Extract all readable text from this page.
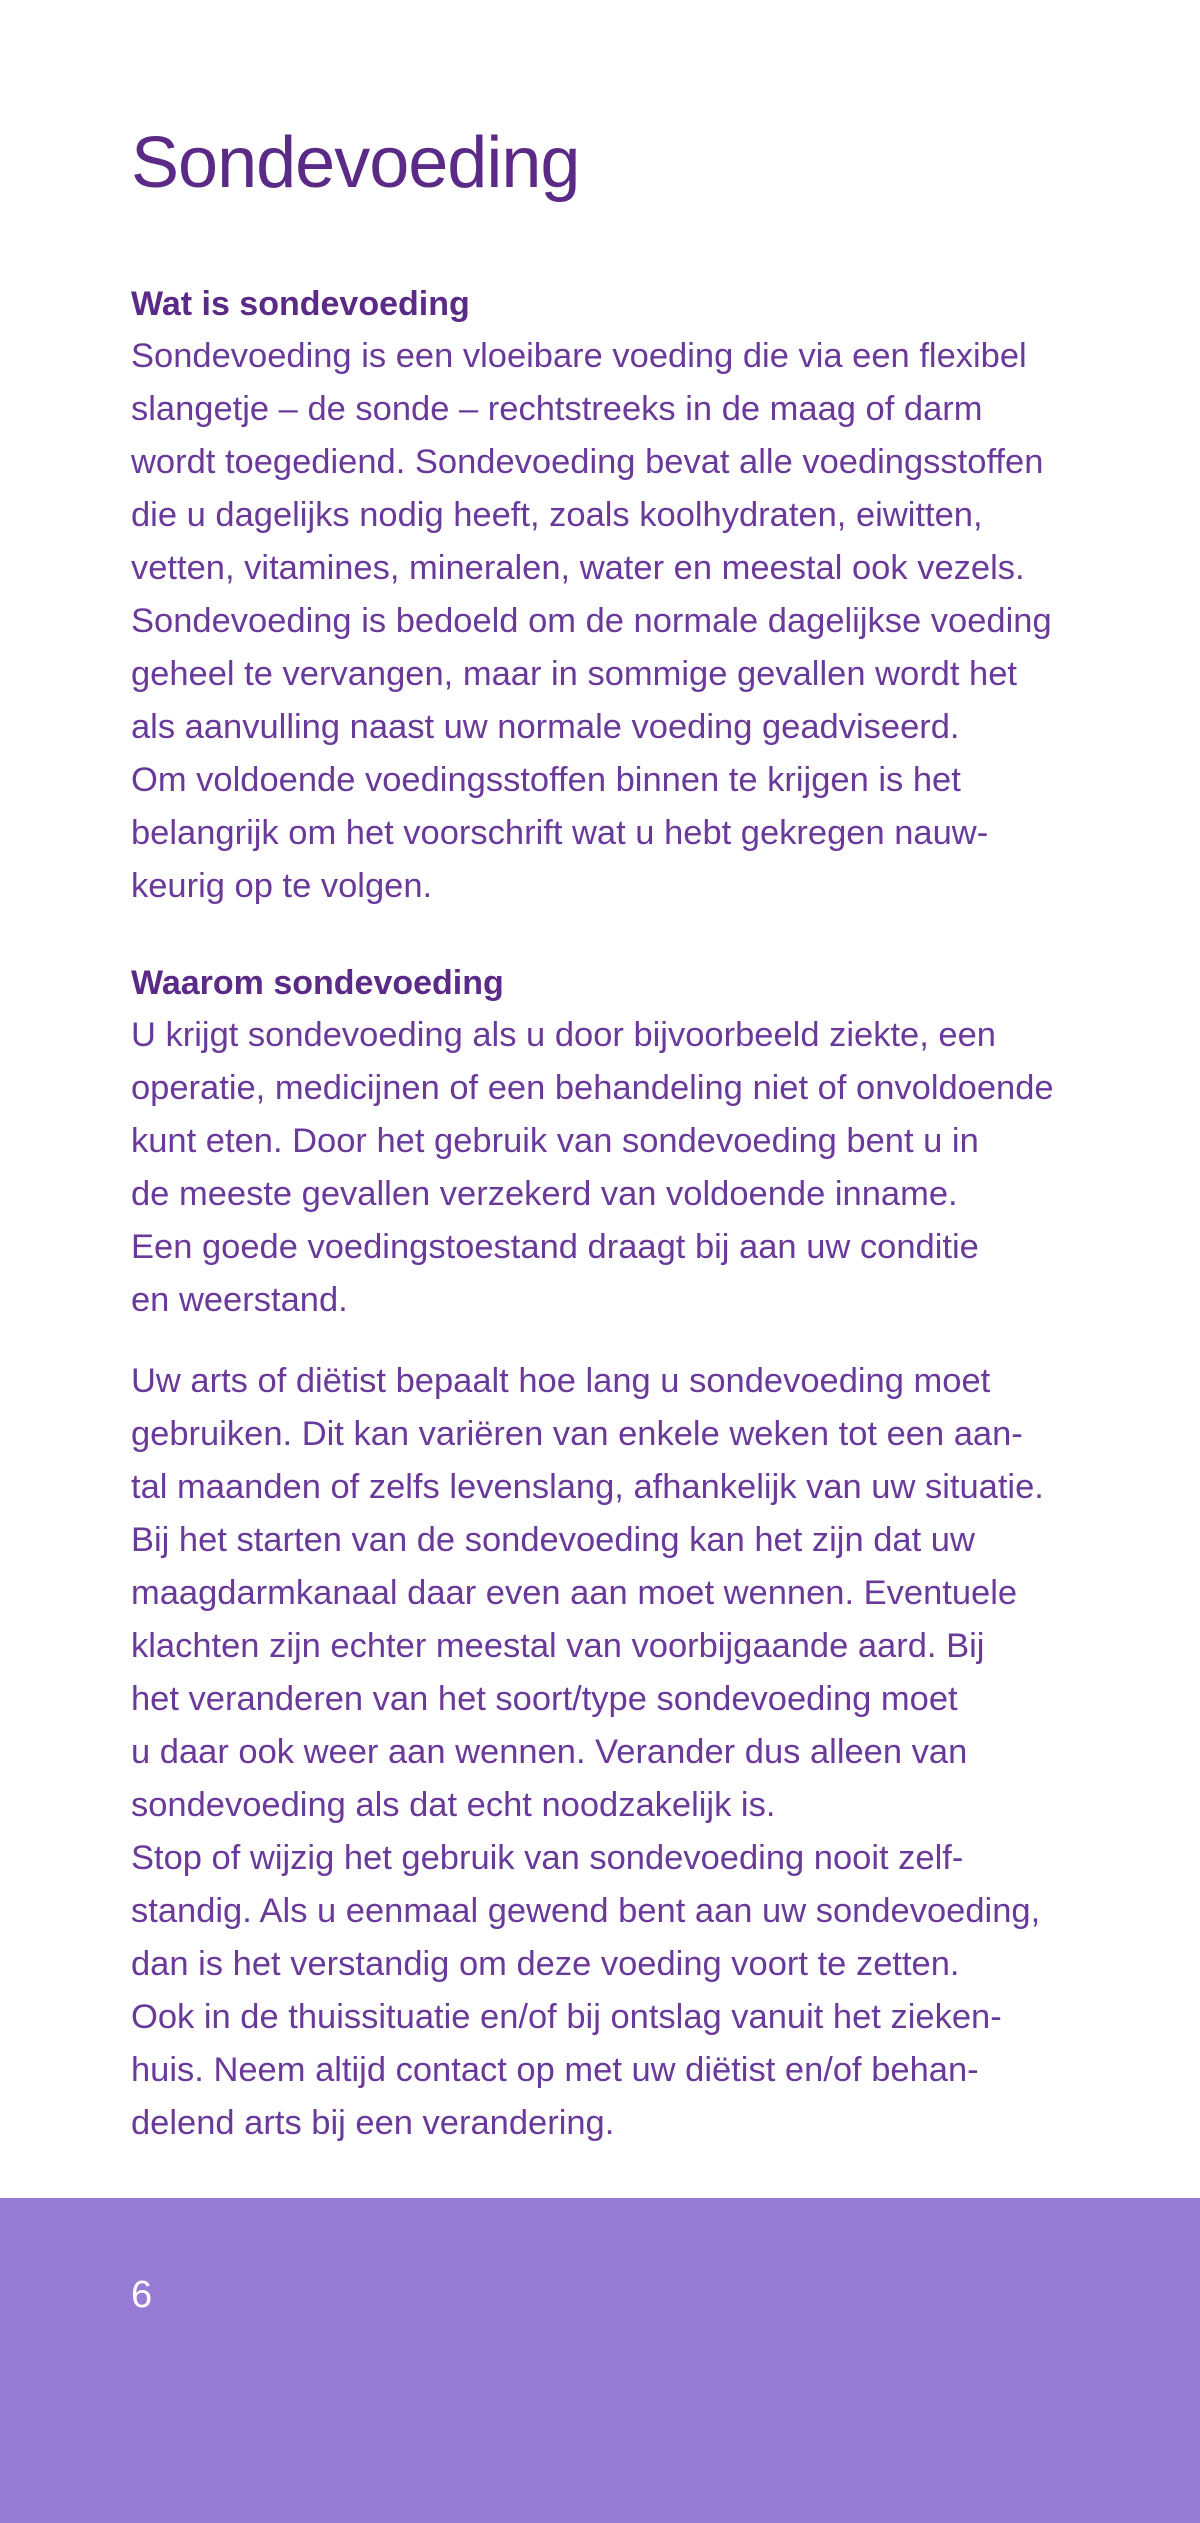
Sondevoeding
Wat is sondevoeding

Sondevoeding is een vloeibare voeding die via een flexibel
slangetje – de sonde – rechtstreeks in de maag of darm
wordt toegediend. Sondevoeding bevat alle voedingsstoffen
die u dagelijks nodig heeft, zoals koolhydraten, eiwitten,
vetten, vitamines, mineralen, water en meestal ook vezels.
Sondevoeding is bedoeld om de normale dagelijkse voeding
geheel te vervangen, maar in sommige gevallen wordt het
als aanvulling naast uw normale voeding geadviseerd.
Om voldoende voedingsstoffen binnen te krijgen is het
belangrijk om het voorschrift wat u hebt gekregen nauw-
keurig op te volgen.

Waarom sondevoeding

U krijgt sondevoeding als u door bijvoorbeeld ziekte, een
operatie, medicijnen of een behandeling niet of onvoldoende
kunt eten. Door het gebruik van sondevoeding bent u in
de meeste gevallen verzekerd van voldoende inname.
Een goede voedingstoestand draagt bij aan uw conditie
en weerstand.

Uw arts of diëtist bepaalt hoe lang u sondevoeding moet
gebruiken. Dit kan variëren van enkele weken tot een aan-
tal maanden of zelfs levenslang, afhankelijk van uw situatie.
Bij het starten van de sondevoeding kan het zijn dat uw
maagdarmkanaal daar even aan moet wennen. Eventuele
klachten zijn echter meestal van voorbijgaande aard. Bij
het veranderen van het soort/type sondevoeding moet
u daar ook weer aan wennen. Verander dus alleen van
sondevoeding als dat echt noodzakelijk is.
Stop of wijzig het gebruik van sondevoeding nooit zelf-
standig. Als u eenmaal gewend bent aan uw sondevoeding,
dan is het verstandig om deze voeding voort te zetten.
Ook in de thuissituatie en/of bij ontslag vanuit het zieken-
huis. Neem altijd contact op met uw diëtist en/of behan-
delend arts bij een verandering.

6
